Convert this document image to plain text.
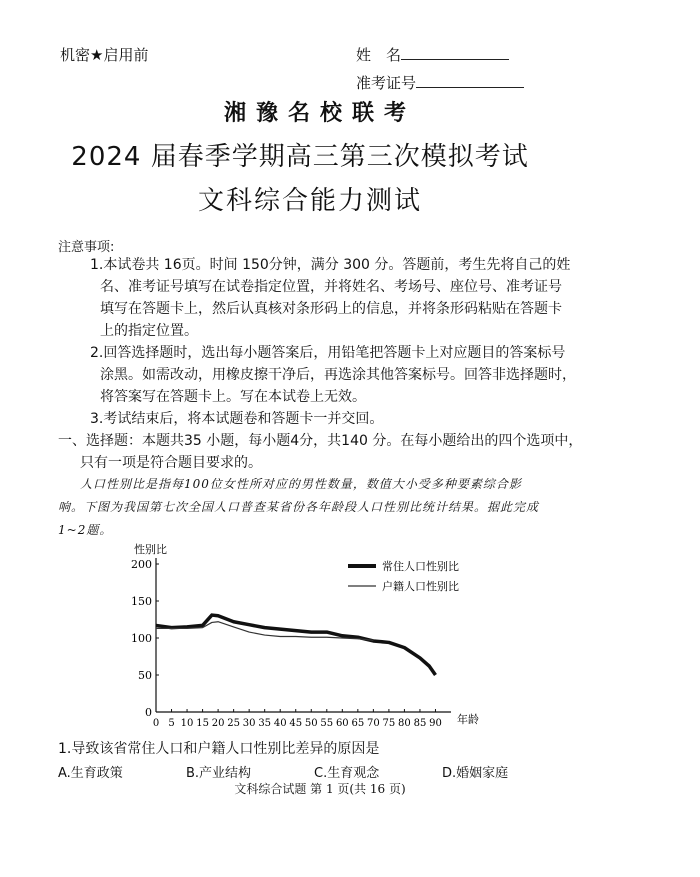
机密★启用前	姓　名
准考证号
湘豫名校联考
2024 届春季学期高三第三次模拟考试
文科综合能力测试
注意事项:
1.本试卷共 16页。时间 150分钟，满分 300 分。答题前，考生先将自己的姓
名、准考证号填写在试卷指定位置，并将姓名、考场号、座位号、准考证号
填写在答题卡上，然后认真核对条形码上的信息，并将条形码粘贴在答题卡
上的指定位置。
2.回答选择题时，选出每小题答案后，用铅笔把答题卡上对应题目的答案标号
涂黑。如需改动，用橡皮擦干净后，再选涂其他答案标号。回答非选择题时，
将答案写在答题卡上。写在本试卷上无效。
3.考试结束后，将本试题卷和答题卡一并交回。
一、选择题：本题共35 小题，每小题4分，共140 分。在每小题给出的四个选项中，
只有一项是符合题目要求的。
人口性别比是指每100位女性所对应的男性数量，数值大小受多种要素综合影
响。下图为我国第七次全国人口普查某省份各年龄段人口性别比统计结果。据此完成
1~2题。
性别比
年龄
0
50
100
150
200
0 5 10 15 20 25 30 35 40 45 50 55 60 65 70 75 80 85 90
常住人口性别比
户籍人口性别比
1.导致该省常住人口和户籍人口性别比差异的原因是
A.生育政策	B.产业结构	C.生育观念	D.婚姻家庭
文科综合试题 第 1 页(共 16 页)
